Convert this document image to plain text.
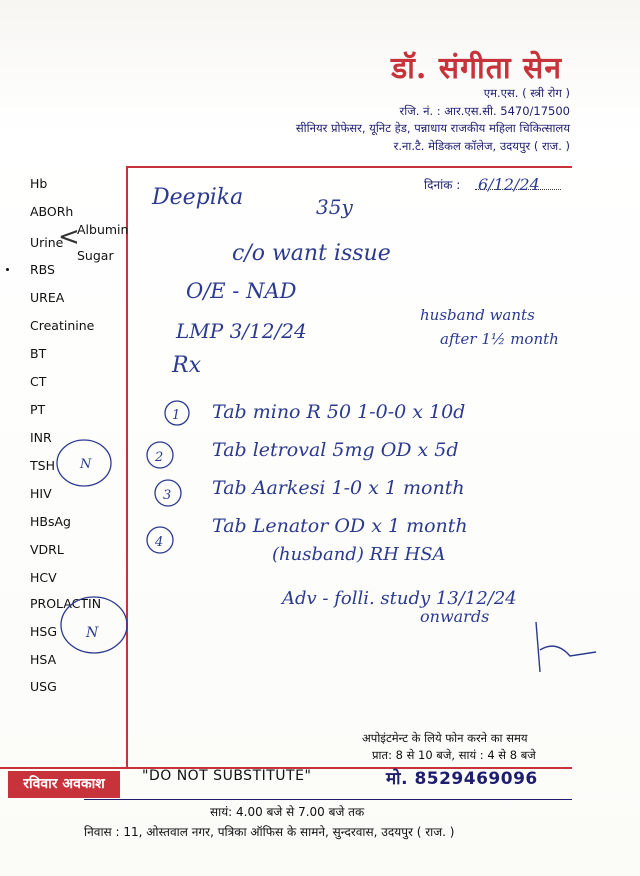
डॉ. संगीता सेन
एम.एस. ( स्त्री रोग )
रजि. नं. : आर.एस.सी. 5470/17500
सीनियर प्रोफेसर, यूनिट हेड, पन्नाधाय राजकीय महिला चिकित्सालय
र.ना.टै. मेडिकल कॉलेज, उदयपुर ( राज. )
दिनांक :
Hb
ABORh
Urine
<
Albumin
Sugar
RBS
UREA
Creatinine
BT
CT
PT
INR
TSH
HIV
HBsAg
VDRL
HCV
PROLACTIN
HSG
HSA
USG
Deepika	35y
6/12/24
c/o want issue
O/E - NAD
LMP 3/12/24
husband wants
after 1½ month
Rx
1 Tab mino R 50 1-0-0 x 10d
2	Tab letroval 5mg OD x 5d
3 Tab Aarkesi 1-0 x 1 month
4
Tab Lenator OD x 1 month
(husband) RH HSA
Adv - folli. study 13/12/24
onwards
N
N
अपोइंटमेन्ट के लिये फोन करने का समय
प्रात: 8 से 10 बजे, सायं : 4 से 8 बजे
रविवार अवकाश	"DO NOT SUBSTITUTE"	मो. 8529469096
सायं: 4.00 बजे से 7.00 बजे तक
निवास : 11, ओस्तवाल नगर, पत्रिका ऑफिस के सामने, सुन्दरवास, उदयपुर ( राज. )
